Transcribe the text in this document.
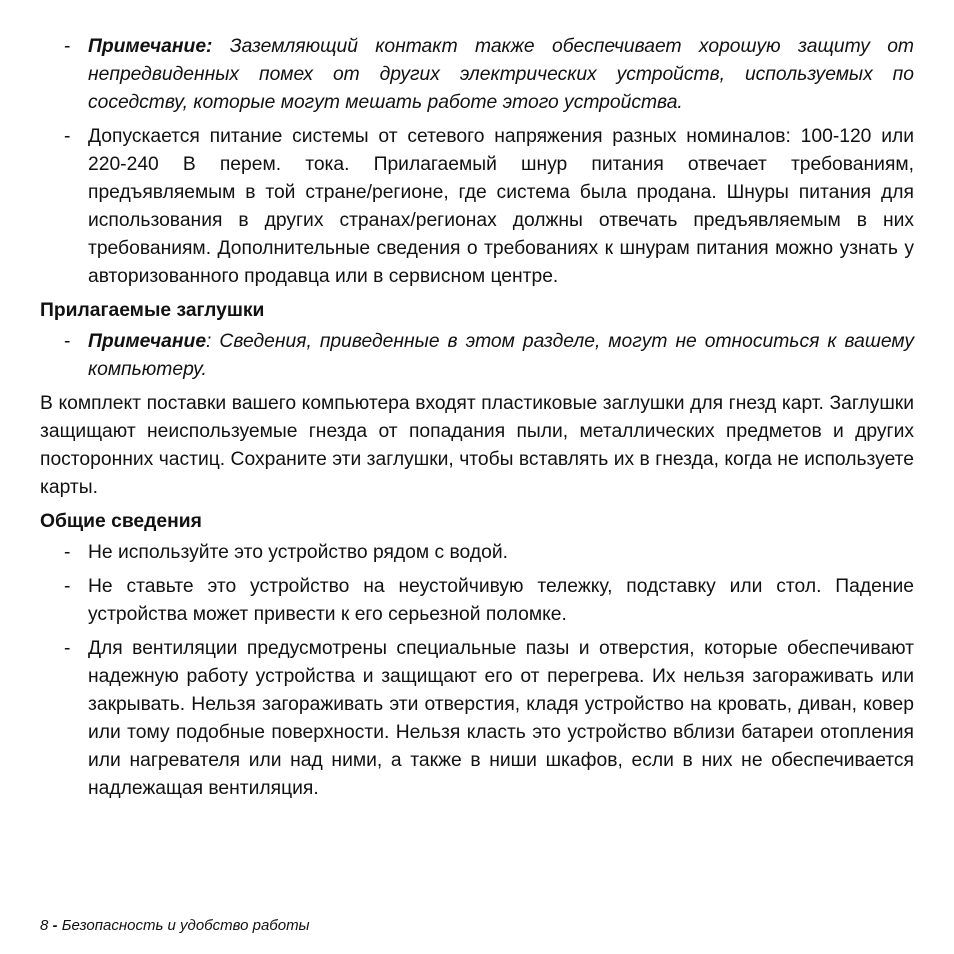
- Примечание: Заземляющий контакт также обеспечивает хорошую защиту от непредвиденных помех от других электрических устройств, используемых по соседству, которые могут мешать работе этого устройства.
- Допускается питание системы от сетевого напряжения разных номиналов: 100-120 или 220-240 В перем. тока. Прилагаемый шнур питания отвечает требованиям, предъявляемым в той стране/регионе, где система была продана. Шнуры питания для использования в других странах/регионах должны отвечать предъявляемым в них требованиям. Дополнительные сведения о требованиях к шнурам питания можно узнать у авторизованного продавца или в сервисном центре.
Прилагаемые заглушки
- Примечание: Сведения, приведенные в этом разделе, могут не относиться к вашему компьютеру.
В комплект поставки вашего компьютера входят пластиковые заглушки для гнезд карт. Заглушки защищают неиспользуемые гнезда от попадания пыли, металлических предметов и других посторонних частиц. Сохраните эти заглушки, чтобы вставлять их в гнезда, когда не используете карты.
Общие сведения
- Не используйте это устройство рядом с водой.
- Не ставьте это устройство на неустойчивую тележку, подставку или стол. Падение устройства может привести к его серьезной поломке.
- Для вентиляции предусмотрены специальные пазы и отверстия, которые обеспечивают надежную работу устройства и защищают его от перегрева. Их нельзя загораживать или закрывать. Нельзя загораживать эти отверстия, кладя устройство на кровать, диван, ковер или тому подобные поверхности. Нельзя класть это устройство вблизи батареи отопления или нагревателя или над ними, а также в ниши шкафов, если в них не обеспечивается надлежащая вентиляция.
8 - Безопасность и удобство работы
